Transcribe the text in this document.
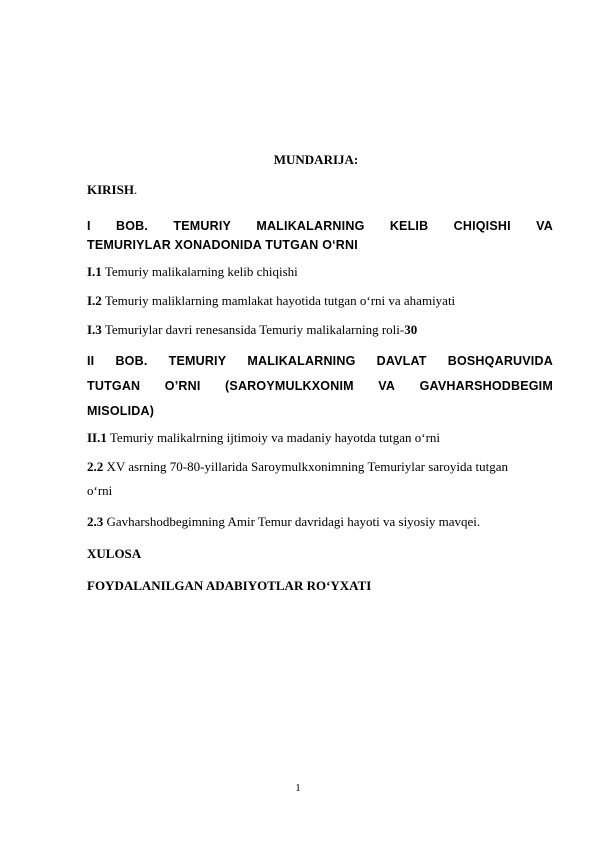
MUNDARIJA:
KIRISH.
I BOB. TEMURIY MALIKALARNING KELIB CHIQISHI VA
TEMURIYLAR XONADONIDA TUTGAN O‘RNI
I.1 Temuriy malikalarning kelib chiqishi
I.2 Temuriy maliklarning mamlakat hayotida tutgan o‘rni va ahamiyati
I.3 Temuriylar davri renesansida Temuriy malikalarning roli-30
II BOB. TEMURIY MALIKALARNING DAVLAT BOSHQARUVIDA
TUTGAN O’RNI (SAROYMULKXONIM VA GAVHARSHODBEGIM
MISOLIDA)
II.1 Temuriy malikalrning ijtimoiy va madaniy hayotda tutgan o‘rni
2.2 XV asrning 70-80-yillarida Saroymulkxonimning Temuriylar saroyida tutgan
o‘rni
2.3 Gavharshodbegimning Amir Temur davridagi hayoti va siyosiy mavqei.
XULOSA
FOYDALANILGAN ADABIYOTLAR RO‘YXATI
1
